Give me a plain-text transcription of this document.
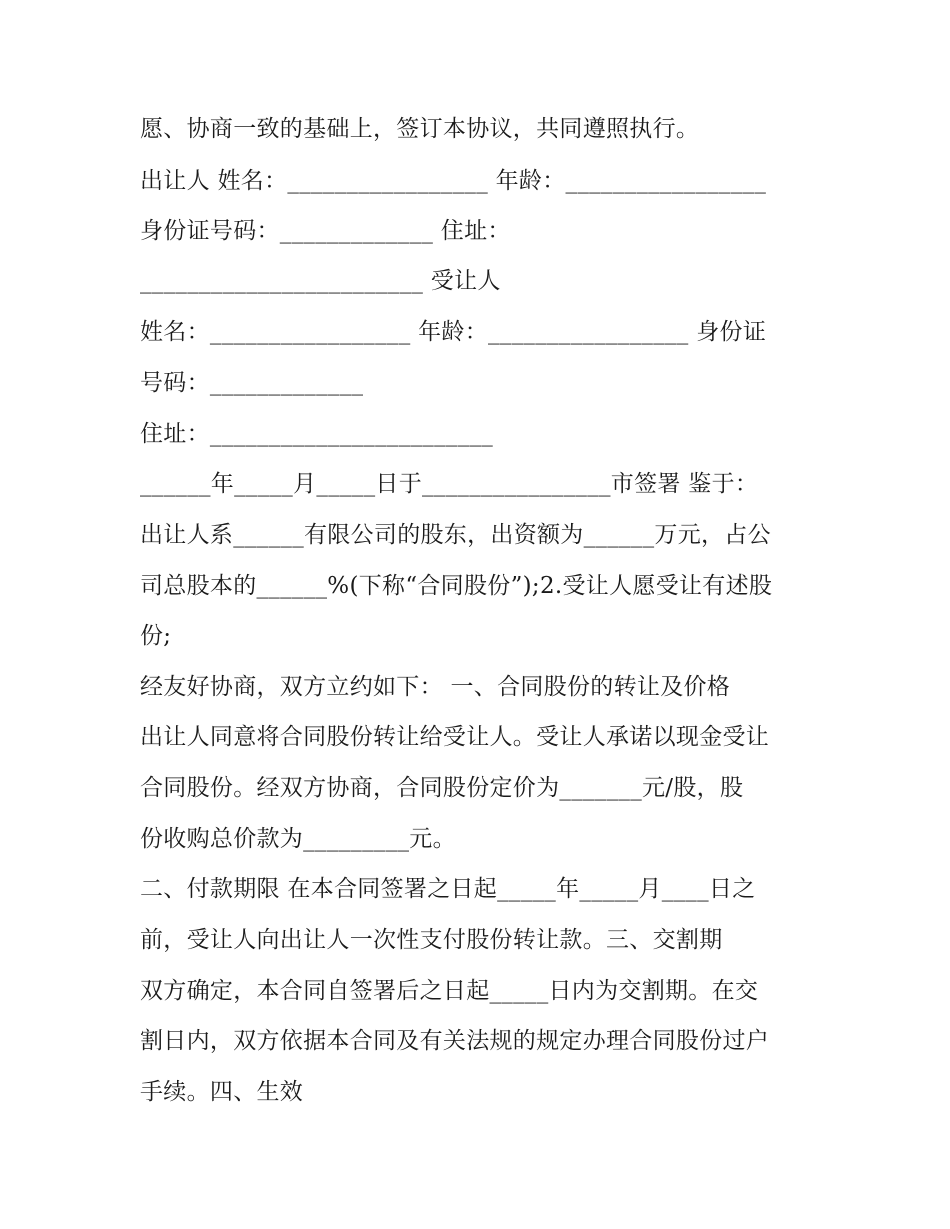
愿、协商一致的基础上，签订本协议，共同遵照执行。
出让人 姓名：_________________ 年龄：_________________
身份证号码：_____________ 住址：
________________________ 受让人
姓名：_________________ 年龄：_________________ 身份证
号码：_____________
住址：________________________
______年_____月_____日于________________市签署 鉴于：
出让人系______有限公司的股东，出资额为______万元，占公
司总股本的______%(下称“合同股份”);2.受让人愿受让有述股
份;
经友好协商，双方立约如下： 一、合同股份的转让及价格
出让人同意将合同股份转让给受让人。受让人承诺以现金受让
合同股份。经双方协商，合同股份定价为_______元/股，股
份收购总价款为_________元。
二、付款期限 在本合同签署之日起_____年_____月____日之
前，受让人向出让人一次性支付股份转让款。三、交割期
双方确定，本合同自签署后之日起_____日内为交割期。在交
割日内，双方依据本合同及有关法规的规定办理合同股份过户
手续。四、生效
